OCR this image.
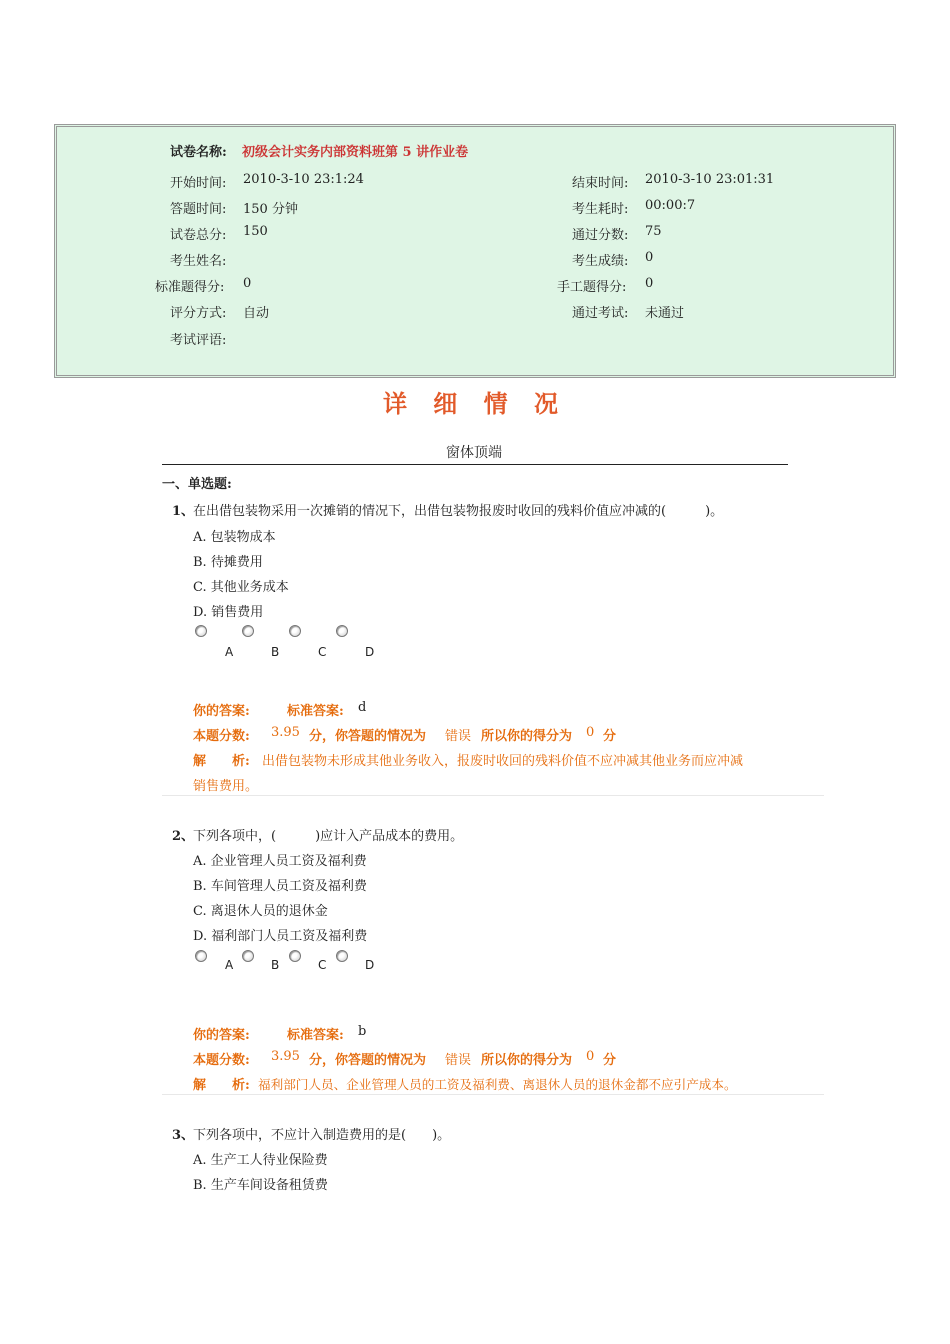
试卷名称: 初级会计实务内部资料班第 5 讲作业卷
开始时间: 2010-3-10 23:1:24	结束时间: 2010-3-10 23:01:31
答题时间: 150 分钟	考生耗时: 00:00:7
试卷总分: 150	通过分数: 75
考生姓名:	考生成绩: 0
标准题得分: 0	手工题得分: 0
评分方式: 自动	通过考试: 未通过
考试评语:
详 细 情 况
窗体顶端
一、单选题:
1、
在出借包装物采用一次摊销的情况下，出借包装物报废时收回的残料价值应冲减的(　　　)。
A. 包装物成本
B. 待摊费用
C. 其他业务成本
D. 销售费用
A	B	C	D
你的答案:	标准答案: d
本题分数: 3.95 分，你答题的情况为 错误 所以你的得分为 0 分
解　　析: 出借包装物未形成其他业务收入，报废时收回的残料价值不应冲减其他业务而应冲减
销售费用。
2、
下列各项中，(　　　)应计入产品成本的费用。
A. 企业管理人员工资及福利费
B. 车间管理人员工资及福利费
C. 离退休人员的退休金
D. 福利部门人员工资及福利费
A	B	C	D
你的答案:	标准答案: b
本题分数: 3.95 分，你答题的情况为 错误 所以你的得分为 0 分
解　　析: 福利部门人员、企业管理人员的工资及福利费、离退休人员的退休金都不应引产成本。
3、
下列各项中，不应计入制造费用的是(　　)。
A. 生产工人待业保险费
B. 生产车间设备租赁费
